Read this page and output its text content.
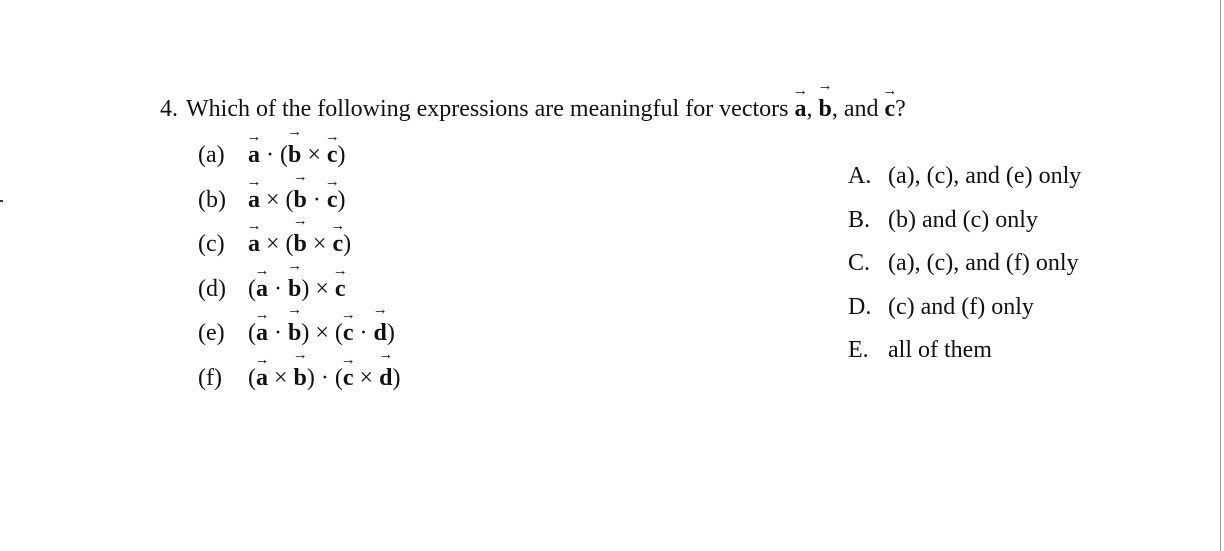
4. Which of the following expressions are meaningful for vectors → a, → b, and → c?
(a) → a · (→ b × → c)
(b) → a × (→ b · → c)
(c) → a × (→ b × → c)
(d) (→ a · → b) × → c
(e) (→ a · → b) × (→ c · → d)
(f) (→ a × → b) · (→ c × → d)
A. (a), (c), and (e) only
B. (b) and (c) only
C. (a), (c), and (f) only
D. (c) and (f) only
E. all of them
